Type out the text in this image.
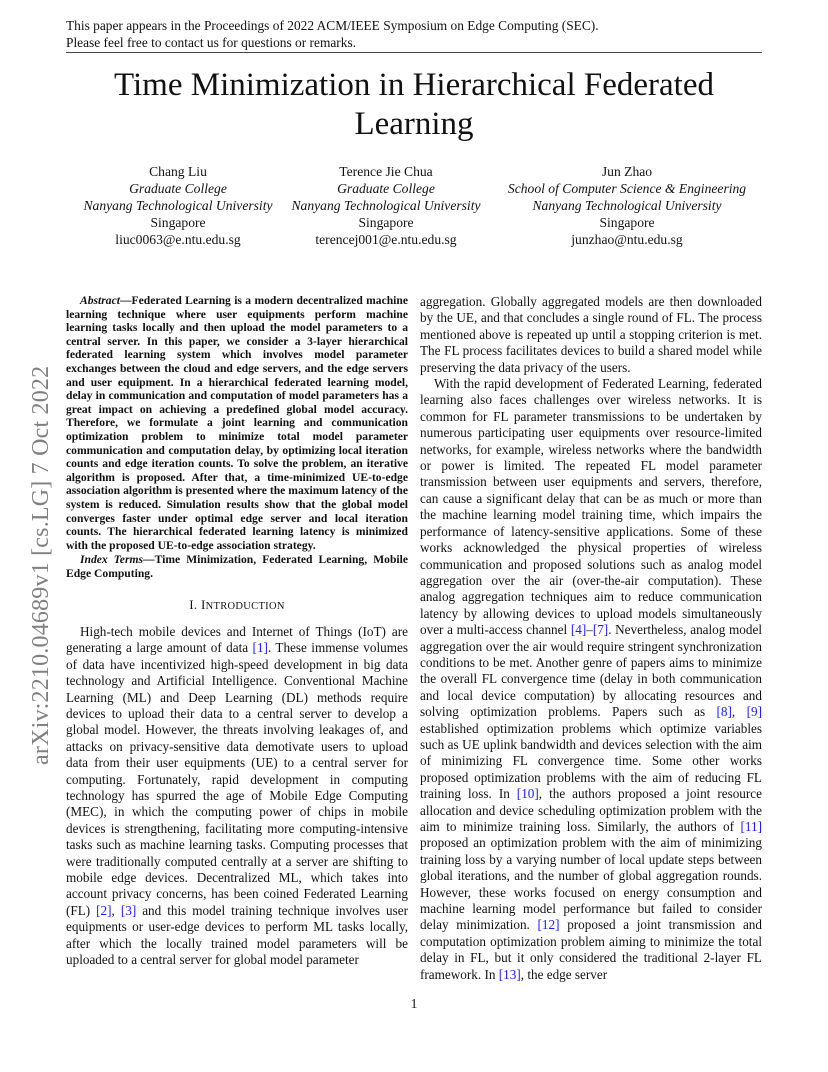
This paper appears in the Proceedings of 2022 ACM/IEEE Symposium on Edge Computing (SEC).
Please feel free to contact us for questions or remarks.
Time Minimization in Hierarchical Federated Learning
Chang Liu
Graduate College
Nanyang Technological University
Singapore
liuc0063@e.ntu.edu.sg
Terence Jie Chua
Graduate College
Nanyang Technological University
Singapore
terencej001@e.ntu.edu.sg
Jun Zhao
School of Computer Science & Engineering
Nanyang Technological University
Singapore
junzhao@ntu.edu.sg
arXiv:2210.04689v1 [cs.LG] 7 Oct 2022

Abstract—Federated Learning is a modern decentralized machine learning technique where user equipments perform machine learning tasks locally and then upload the model parameters to a central server. In this paper, we consider a 3-layer hierarchical federated learning system which involves model parameter exchanges between the cloud and edge servers, and the edge servers and user equipment. In a hierarchical federated learning model, delay in communication and computation of model parameters has a great impact on achieving a predefined global model accuracy. Therefore, we formulate a joint learning and communication optimization problem to minimize total model parameter communication and computation delay, by optimizing local iteration counts and edge iteration counts. To solve the problem, an iterative algorithm is proposed. After that, a time-minimized UE-to-edge association algorithm is presented where the maximum latency of the system is reduced. Simulation results show that the global model converges faster under optimal edge server and local iteration counts. The hierarchical federated learning latency is minimized with the proposed UE-to-edge association strategy.

Index Terms—Time Minimization, Federated Learning, Mobile Edge Computing.

I. INTRODUCTION

High-tech mobile devices and Internet of Things (IoT) are generating a large amount of data [1]. These immense volumes of data have incentivized high-speed development in big data technology and Artificial Intelligence. Conventional Machine Learning (ML) and Deep Learning (DL) methods require devices to upload their data to a central server to develop a global model. However, the threats involving leakages of, and attacks on privacy-sensitive data demotivate users to upload data from their user equipments (UE) to a central server for computing. Fortunately, rapid development in computing technology has spurred the age of Mobile Edge Computing (MEC), in which the computing power of chips in mobile devices is strengthening, facilitating more computing-intensive tasks such as machine learning tasks. Computing processes that were traditionally computed centrally at a server are shifting to mobile edge devices. Decentralized ML, which takes into account privacy concerns, has been coined Federated Learning (FL) [2], [3] and this model training technique involves user equipments or user-edge devices to perform ML tasks locally, after which the locally trained model parameters will be uploaded to a central server for global model parameter

aggregation. Globally aggregated models are then downloaded by the UE, and that concludes a single round of FL. The process mentioned above is repeated up until a stopping criterion is met. The FL process facilitates devices to build a shared model while preserving the data privacy of the users.

With the rapid development of Federated Learning, federated learning also faces challenges over wireless networks. It is common for FL parameter transmissions to be undertaken by numerous participating user equipments over resource-limited networks, for example, wireless networks where the bandwidth or power is limited. The repeated FL model parameter transmission between user equipments and servers, therefore, can cause a significant delay that can be as much or more than the machine learning model training time, which impairs the performance of latency-sensitive applications. Some of these works acknowledged the physical properties of wireless communication and proposed solutions such as analog model aggregation over the air (over-the-air computation). These analog aggregation techniques aim to reduce communication latency by allowing devices to upload models simultaneously over a multi-access channel [4]–[7]. Nevertheless, analog model aggregation over the air would require stringent synchronization conditions to be met. Another genre of papers aims to minimize the overall FL convergence time (delay in both communication and local device computation) by allocating resources and solving optimization problems. Papers such as [8], [9] established optimization problems which optimize variables such as UE uplink bandwidth and devices selection with the aim of minimizing FL convergence time. Some other works proposed optimization problems with the aim of reducing FL training loss. In [10], the authors proposed a joint resource allocation and device scheduling optimization problem with the aim to minimize training loss. Similarly, the authors of [11] proposed an optimization problem with the aim of minimizing training loss by a varying number of local update steps between global iterations, and the number of global aggregation rounds. However, these works focused on energy consumption and machine learning model performance but failed to consider delay minimization. [12] proposed a joint transmission and computation optimization problem aiming to minimize the total delay in FL, but it only considered the traditional 2-layer FL framework. In [13], the edge server

1
